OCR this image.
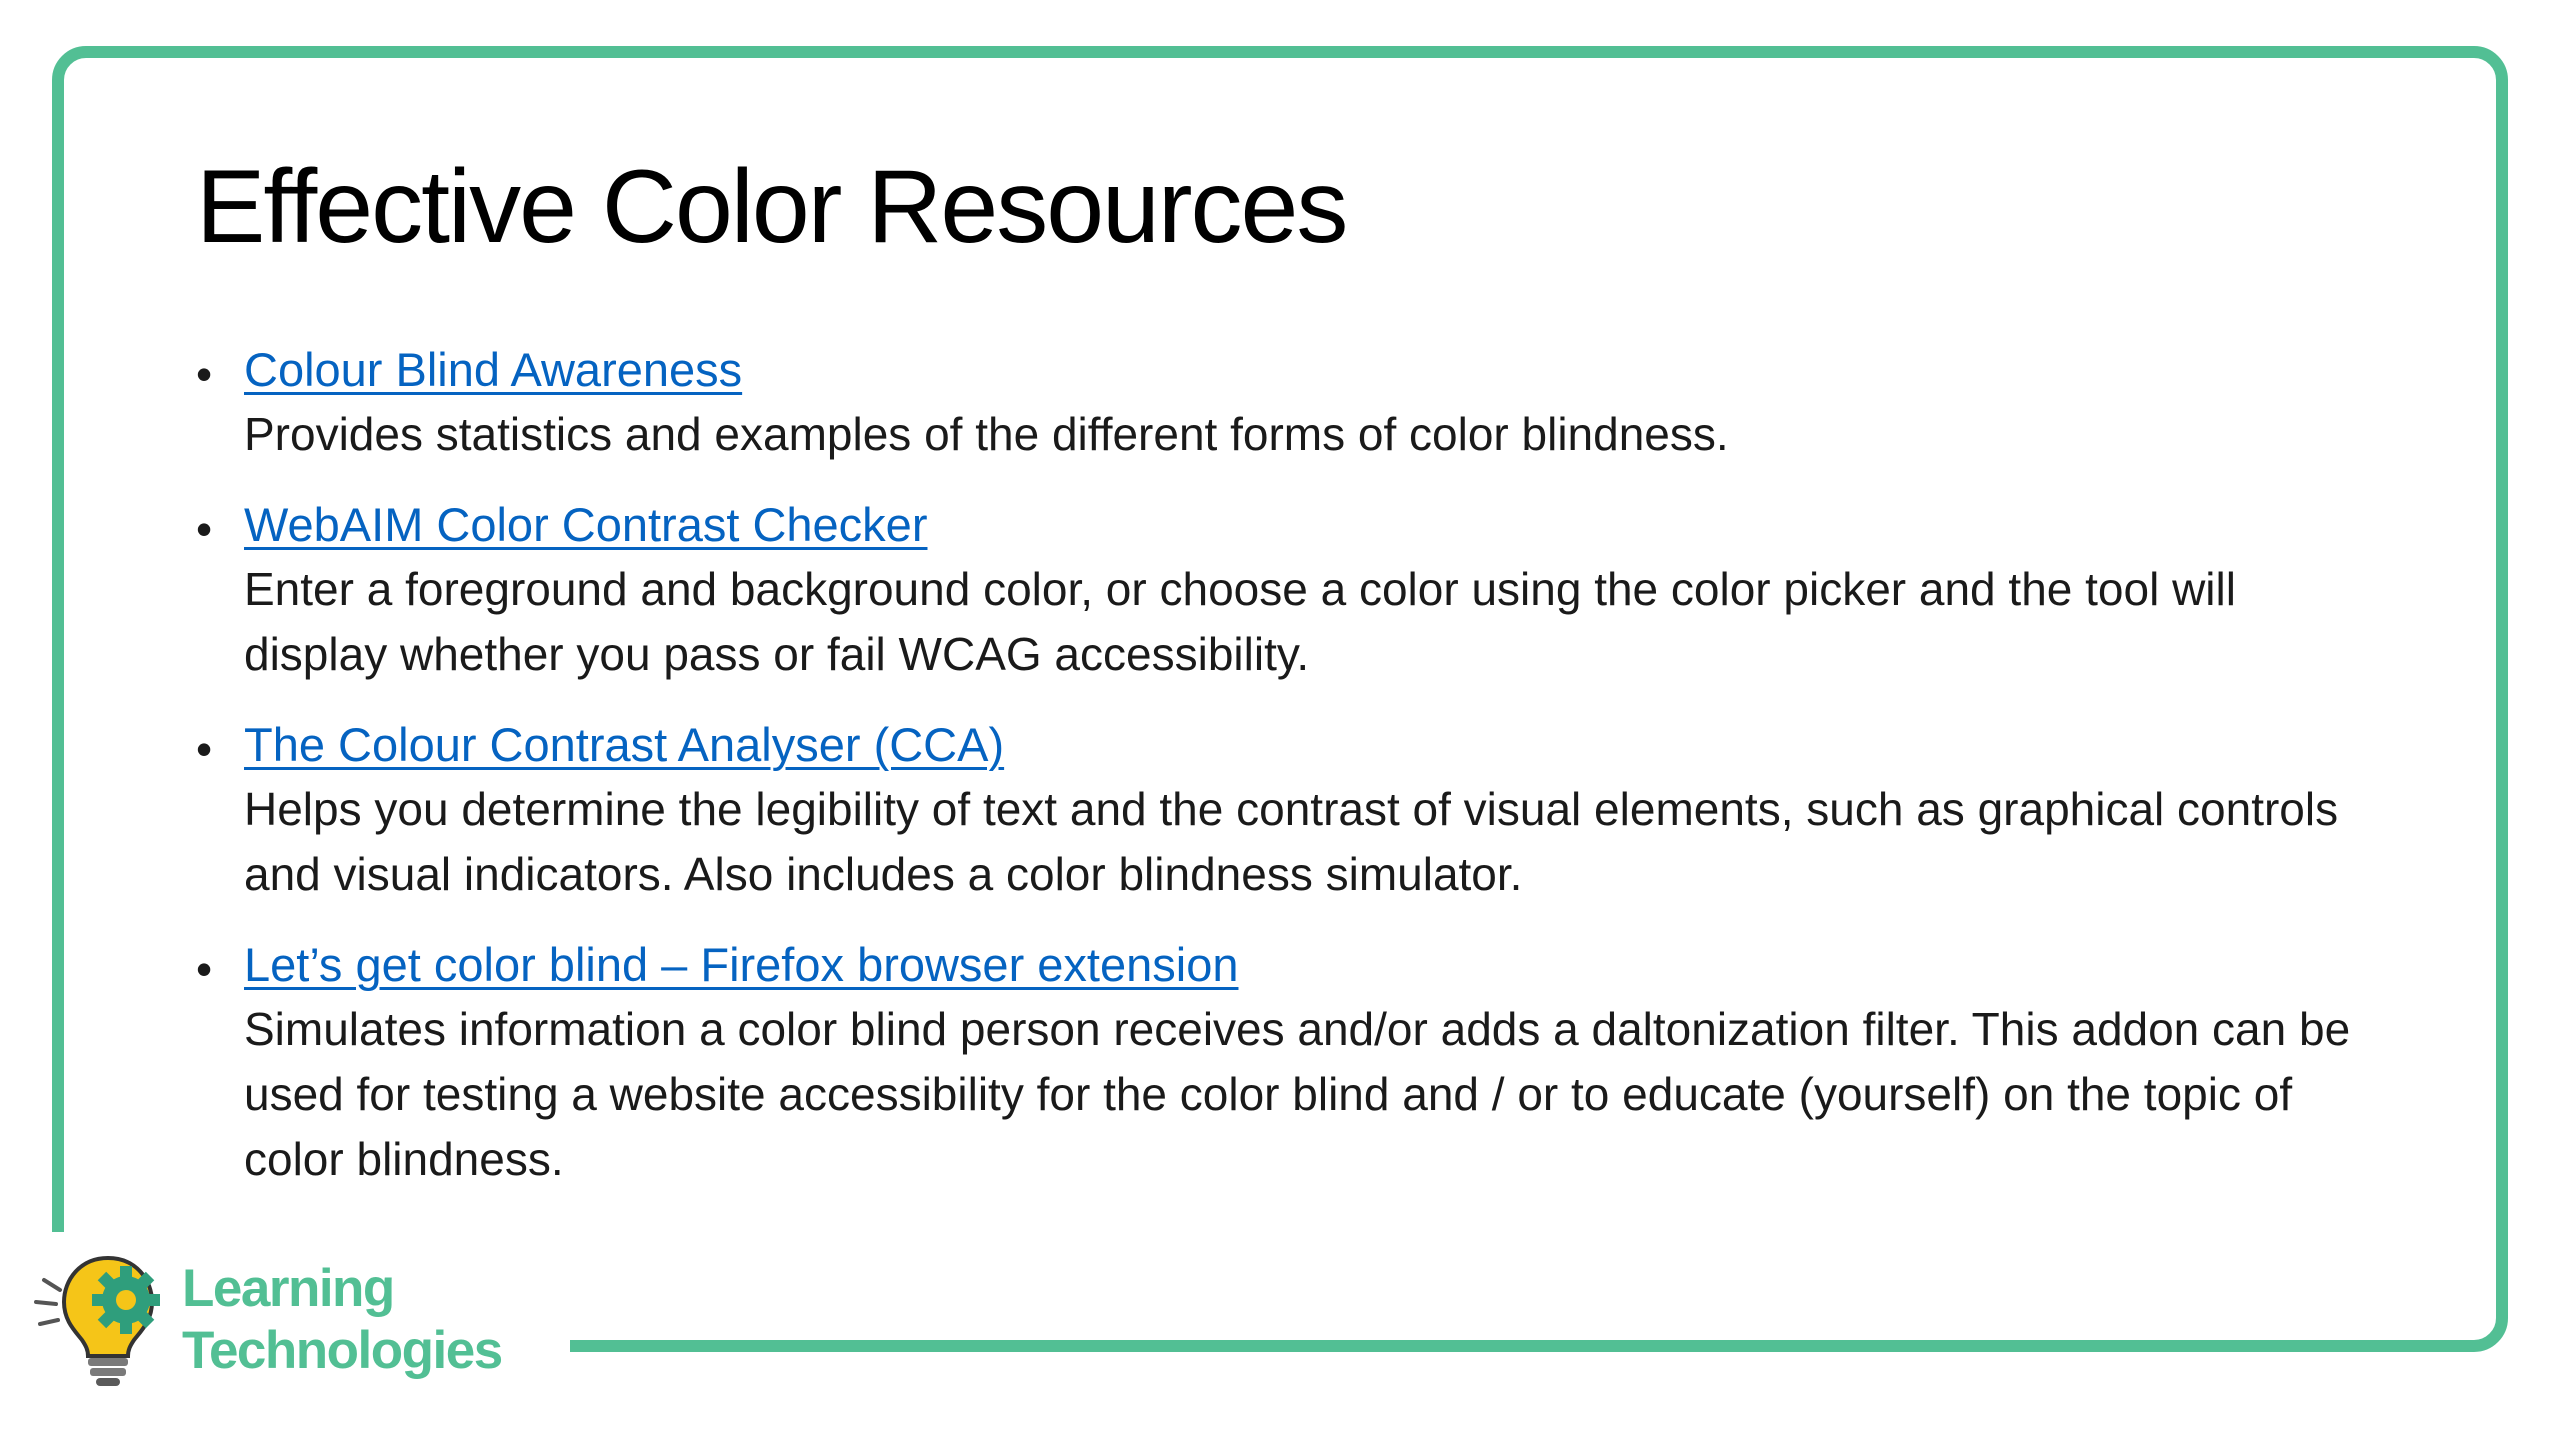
Effective Color Resources
• Colour Blind Awareness
Provides statistics and examples of the different forms of color blindness.
• WebAIM Color Contrast Checker
Enter a foreground and background color, or choose a color using the color picker and the tool will display whether you pass or fail WCAG accessibility.
• The Colour Contrast Analyser (CCA)
Helps you determine the legibility of text and the contrast of visual elements, such as graphical controls and visual indicators. Also includes a color blindness simulator.
• Let’s get color blind – Firefox browser extension
Simulates information a color blind person receives and/or adds a daltonization filter. This addon can be used for testing a website accessibility for the color blind and / or to educate (yourself) on the topic of color blindness.
Learning
Technologies
